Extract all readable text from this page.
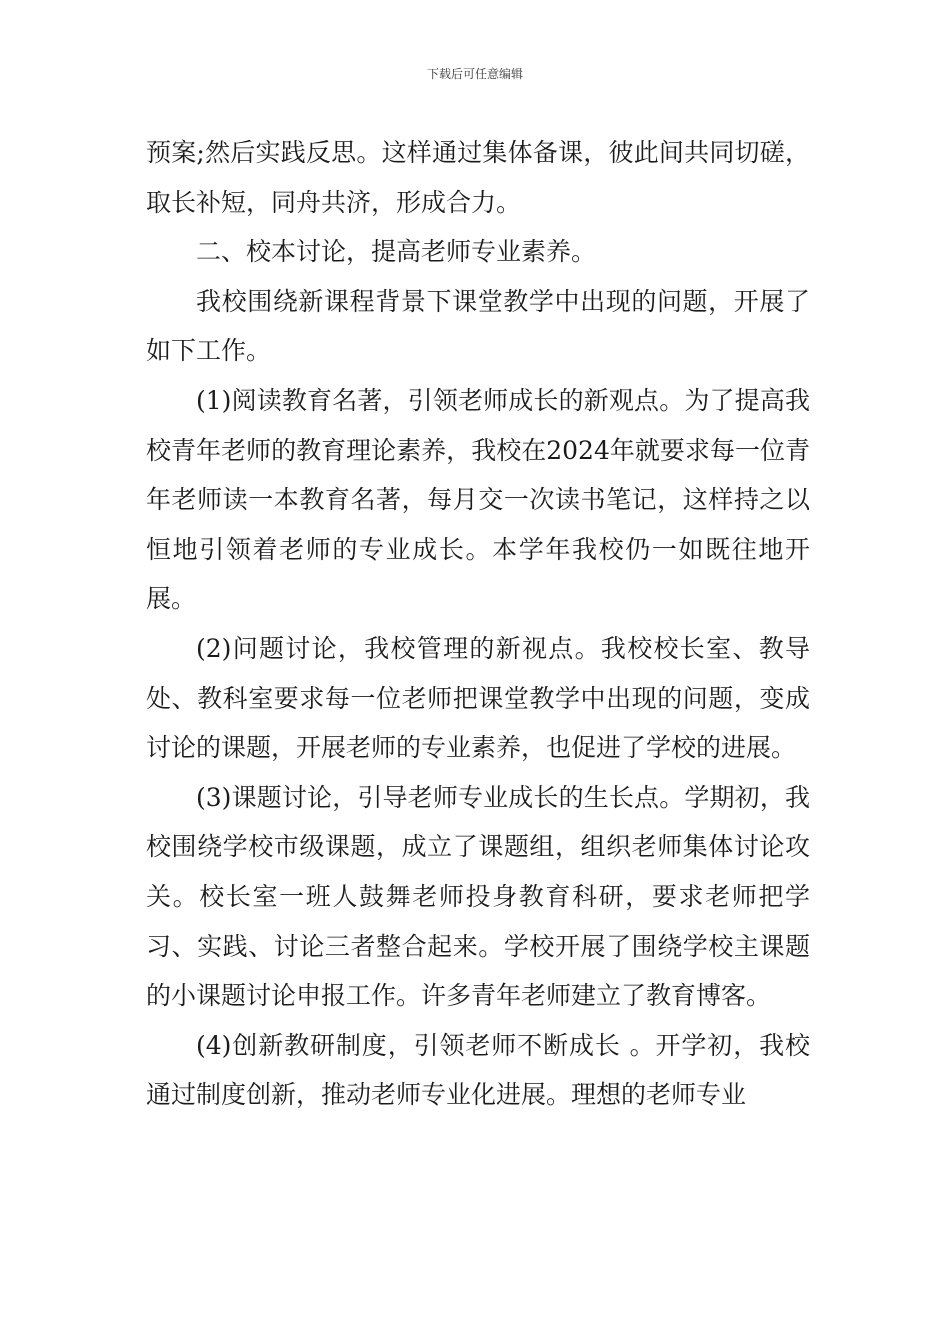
下载后可任意编辑

预案;然后实践反思。这样通过集体备课，彼此间共同切磋，取长补短，同舟共济，形成合力。

二、校本讨论，提高老师专业素养。

我校围绕新课程背景下课堂教学中出现的问题，开展了如下工作。

(1)阅读教育名著，引领老师成长的新观点。为了提高我校青年老师的教育理论素养，我校在2024年就要求每一位青年老师读一本教育名著，每月交一次读书笔记，这样持之以恒地引领着老师的专业成长。本学年我校仍一如既往地开展。

(2)问题讨论，我校管理的新视点。我校校长室、教导处、教科室要求每一位老师把课堂教学中出现的问题，变成讨论的课题，开展老师的专业素养，也促进了学校的进展。

(3)课题讨论，引导老师专业成长的生长点。学期初，我校围绕学校市级课题，成立了课题组，组织老师集体讨论攻关。校长室一班人鼓舞老师投身教育科研，要求老师把学习、实践、讨论三者整合起来。学校开展了围绕学校主课题的小课题讨论申报工作。许多青年老师建立了教育博客。

(4)创新教研制度，引领老师不断成长 。开学初，我校通过制度创新，推动老师专业化进展。理想的老师专业
